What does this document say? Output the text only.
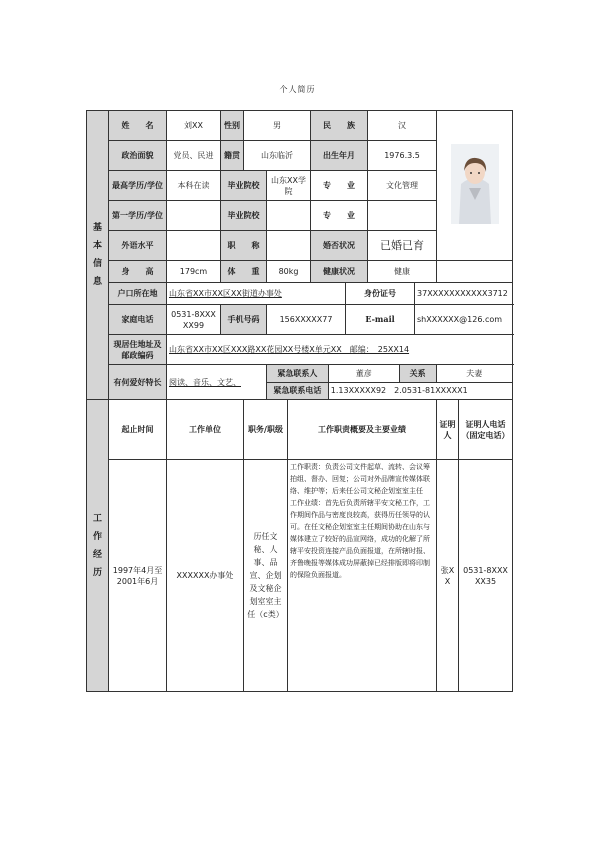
个人简历
基本信息	姓　　名	刘XX	性别	男	民　　族	汉	
政治面貌	党员、民进	籍贯	山东临沂	出生年月	1976.3.5
最高学历/学位	本科在读	毕业院校	山东XX学院	专　　业	文化管理
第一学历/学位		毕业院校		专　　业	
外语水平		职　　称		婚否状况	已婚已育
身　　高	179cm	体　　重	80kg	健康状况	健康	
户口所在地	山东省XX市XX区XX街道办事处	身份证号	37XXXXXXXXXXX3712
家庭电话	0531-8XXXXX99	手机号码	156XXXXX77	E-mail	shXXXXXX@126.com
现居住地址及邮政编码	山东省XX市XX区XXX路XX花园XX号楼X单元XX　邮编：　25XX14
有何爱好特长	阅读、音乐、文艺、	
紧急联系人	董彦	关系	夫妻
紧急联系电话	1.13XXXXX92　2.0531-81XXXXX1

工作经历	起止时间	工作单位	职务/职级	工作职责概要及主要业绩	证明人	证明人电话（固定电话）
1997年4月至2001年6月	XXXXXX办事处	历任文秘、人事、品宣、企划及文秘企划室室主任（c类）	工作职责：负责公司文件起草、流转、会议筹拍组、督办、回复；公司对外品牌宣传媒体联络、维护等；后来任公司文秘企划室室主任
工作业绩：首先后负责所辖平安文秘工作，工作期间作品与密度良较高，获得历任领导的认可。在任文秘企划室室主任期间协助在山东与媒体建立了较好的品宣网络，成功的化解了所辖平安投资连接产品负面报道，在所辖时报、齐鲁晚报等媒体成功屏蔽掉已经排版即将印制的保险负面报道。	张XX	0531-8XXXXX35
